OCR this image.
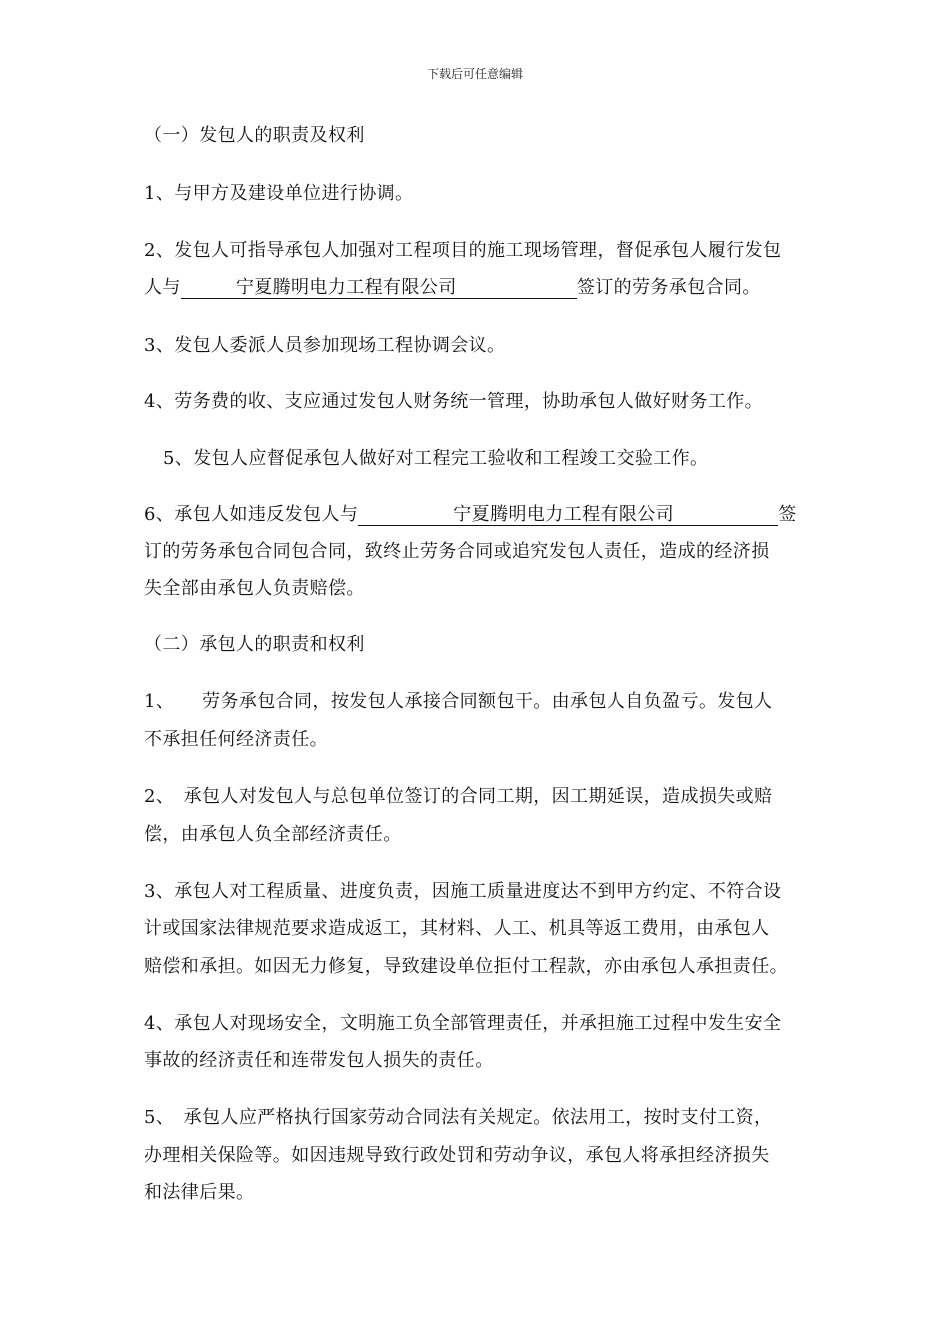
下载后可任意编辑
（一）发包人的职责及权利
1、与甲方及建设单位进行协调。
2、发包人可指导承包人加强对工程项目的施工现场管理，督促承包人履行发包
人与	宁夏腾明电力工程有限公司	签订的劳务承包合同。
3、发包人委派人员参加现场工程协调会议。
4、劳务费的收、支应通过发包人财务统一管理，协助承包人做好财务工作。
5、发包人应督促承包人做好对工程完工验收和工程竣工交验工作。
6、承包人如违反发包人与	宁夏腾明电力工程有限公司	签
订的劳务承包合同包合同，致终止劳务合同或追究发包人责任，造成的经济损
失全部由承包人负责赔偿。
（二）承包人的职责和权利
1、　　劳务承包合同，按发包人承接合同额包干。由承包人自负盈亏。发包人
不承担任何经济责任。
2、　承包人对发包人与总包单位签订的合同工期，因工期延误，造成损失或赔
偿，由承包人负全部经济责任。
3、承包人对工程质量、进度负责，因施工质量进度达不到甲方约定、不符合设
计或国家法律规范要求造成返工，其材料、人工、机具等返工费用，由承包人
赔偿和承担。如因无力修复，导致建设单位拒付工程款，亦由承包人承担责任。
4、承包人对现场安全，文明施工负全部管理责任，并承担施工过程中发生安全
事故的经济责任和连带发包人损失的责任。
5、　承包人应严格执行国家劳动合同法有关规定。依法用工，按时支付工资，
办理相关保险等。如因违规导致行政处罚和劳动争议，承包人将承担经济损失
和法律后果。
